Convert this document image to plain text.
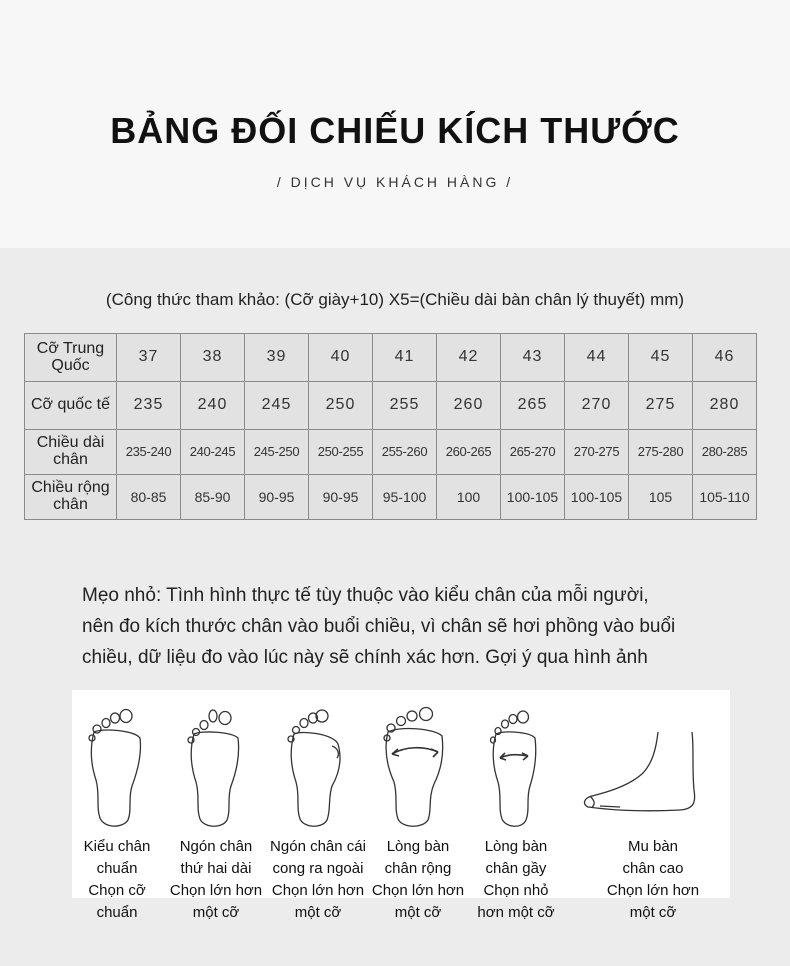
BẢNG ĐỐI CHIẾU KÍCH THƯỚC
/ DỊCH VỤ KHÁCH HÀNG /
(Công thức tham khảo: (Cỡ giày+10) X5=(Chiều dài bàn chân lý thuyết) mm)
Cỡ Trung
Quốc	37	38	39	40	41	42	43	44	45	46
Cỡ quốc tế	235	240	245	250	255	260	265	270	275	280
Chiều dài
chân	235-240	240-245	245-250	250-255	255-260	260-265	265-270	270-275	275-280	280-285
Chiều rộng
chân	80-85	85-90	90-95	90-95	95-100	100	100-105	100-105	105	105-110
Mẹo nhỏ: Tình hình thực tế tùy thuộc vào kiểu chân của mỗi người,
nên đo kích thước chân vào buổi chiều, vì chân sẽ hơi phồng vào buổi
chiều, dữ liệu đo vào lúc này sẽ chính xác hơn. Gợi ý qua hình ảnh
Kiểu chân
chuẩn
Chọn cỡ
chuẩn
Ngón chân
thứ hai dài
Chọn lớn hơn
một cỡ
Ngón chân cái
cong ra ngoài
Chọn lớn hơn
một cỡ
Lòng bàn
chân rộng
Chọn lớn hơn
một cỡ
Lòng bàn
chân gầy
Chọn nhỏ
hơn một cỡ
Mu bàn
chân cao
Chọn lớn hơn
một cỡ
